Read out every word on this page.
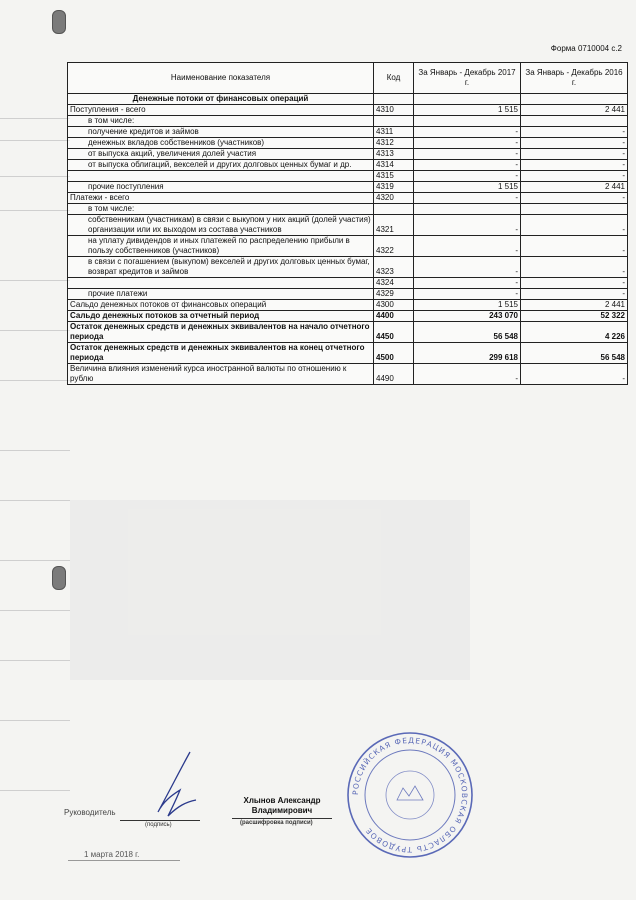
Форма 0710004 с.2
Наименование показателя	Код	За Январь - Декабрь 2017 г.	За Январь - Декабрь 2016 г.
Денежные потоки от финансовых операций			
Поступления - всего	4310	1 515	2 441
в том числе:			
получение кредитов и займов	4311	-	-
денежных вкладов собственников (участников)	4312	-	-
от выпуска акций, увеличения долей участия	4313	-	-
от выпуска облигаций, векселей и других долговых ценных бумаг и др.	4314	-	-
	4315	-	-
прочие поступления	4319	1 515	2 441
Платежи - всего	4320	-	-
в том числе:			
собственникам (участникам) в связи с выкупом у них акций (долей участия) организации или их выходом из состава участников	4321	-	-
на уплату дивидендов и иных платежей по распределению прибыли в пользу собственников (участников)	4322	-	-
в связи с погашением (выкупом) векселей и других долговых ценных бумаг, возврат кредитов и займов	4323	-	-
	4324	-	-
прочие платежи	4329	-	-
Сальдо денежных потоков от финансовых операций	4300	1 515	2 441
Сальдо денежных потоков за отчетный период	4400	243 070	52 322
Остаток денежных средств и денежных эквивалентов на начало отчетного периода	4450	56 548	4 226
Остаток денежных средств и денежных эквивалентов на конец отчетного периода	4500	299 618	56 548
Величина влияния изменений курса иностранной валюты по отношению к рублю	4490	-	-
Руководитель
(подпись)
Хлынов Александр Владимирович
(расшифровка подписи)
1 марта 2018 г.
РОССИЙСКАЯ ФЕДЕРАЦИЯ МОСКОВСКАЯ ОБЛАСТЬ ТРУДОВОЕ
